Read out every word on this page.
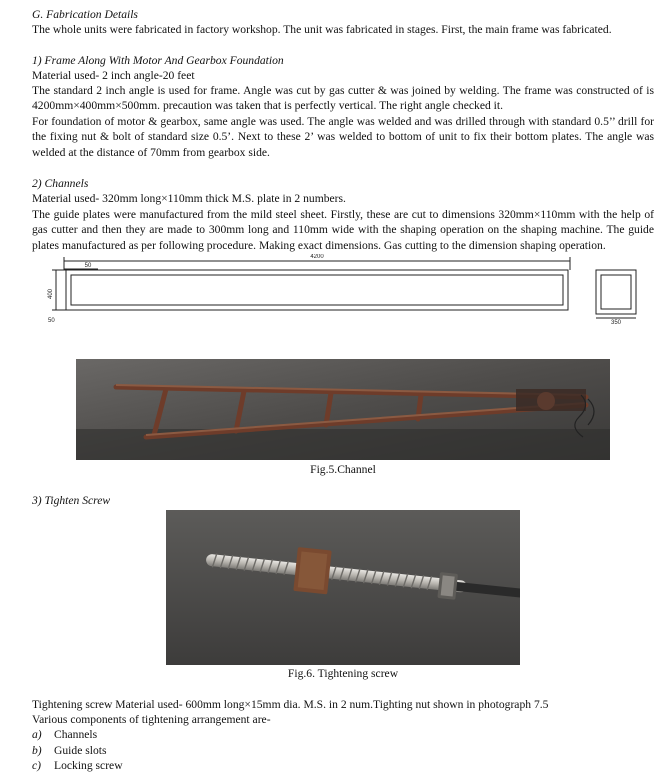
G. Fabrication Details

The whole units were fabricated in factory workshop. The unit was fabricated in stages. First, the main frame was fabricated.

1) Frame Along With Motor And Gearbox Foundation

Material used- 2 inch angle-20 feet

The standard 2 inch angle is used for frame. Angle was cut by gas cutter & was joined by welding. The frame was constructed of is 4200mm×400mm×500mm. precaution was taken that is perfectly vertical. The right angle checked it.

For foundation of motor & gearbox, same angle was used. The angle was welded and was drilled through with standard 0.5’’ drill for the fixing nut & bolt of standard size 0.5’. Next to these 2’ was welded to bottom of unit to fix their bottom plates. The angle was welded at the distance of 70mm from gearbox side.

2) Channels

Material used- 320mm long×110mm thick M.S. plate in 2 numbers.

The guide plates were manufactured from the mild steel sheet. Firstly, these are cut to dimensions 320mm×110mm with the help of gas cutter and then they are made to 300mm long and 110mm wide with the shaping operation on the shaping machine. The guide plates manufactured as per following procedure. Making exact dimensions. Gas cutting to the dimension shaping operation.

4200
50
400
50	350

Fig.5.Channel

3) Tighten Screw

Fig.6. Tightening screw

Tightening screw Material used- 600mm long×15mm dia. M.S. in 2 num.Tighting nut shown in photograph 7.5

Various components of tightening arrangement are-

a) Channels
b) Guide slots
c) Locking screw
